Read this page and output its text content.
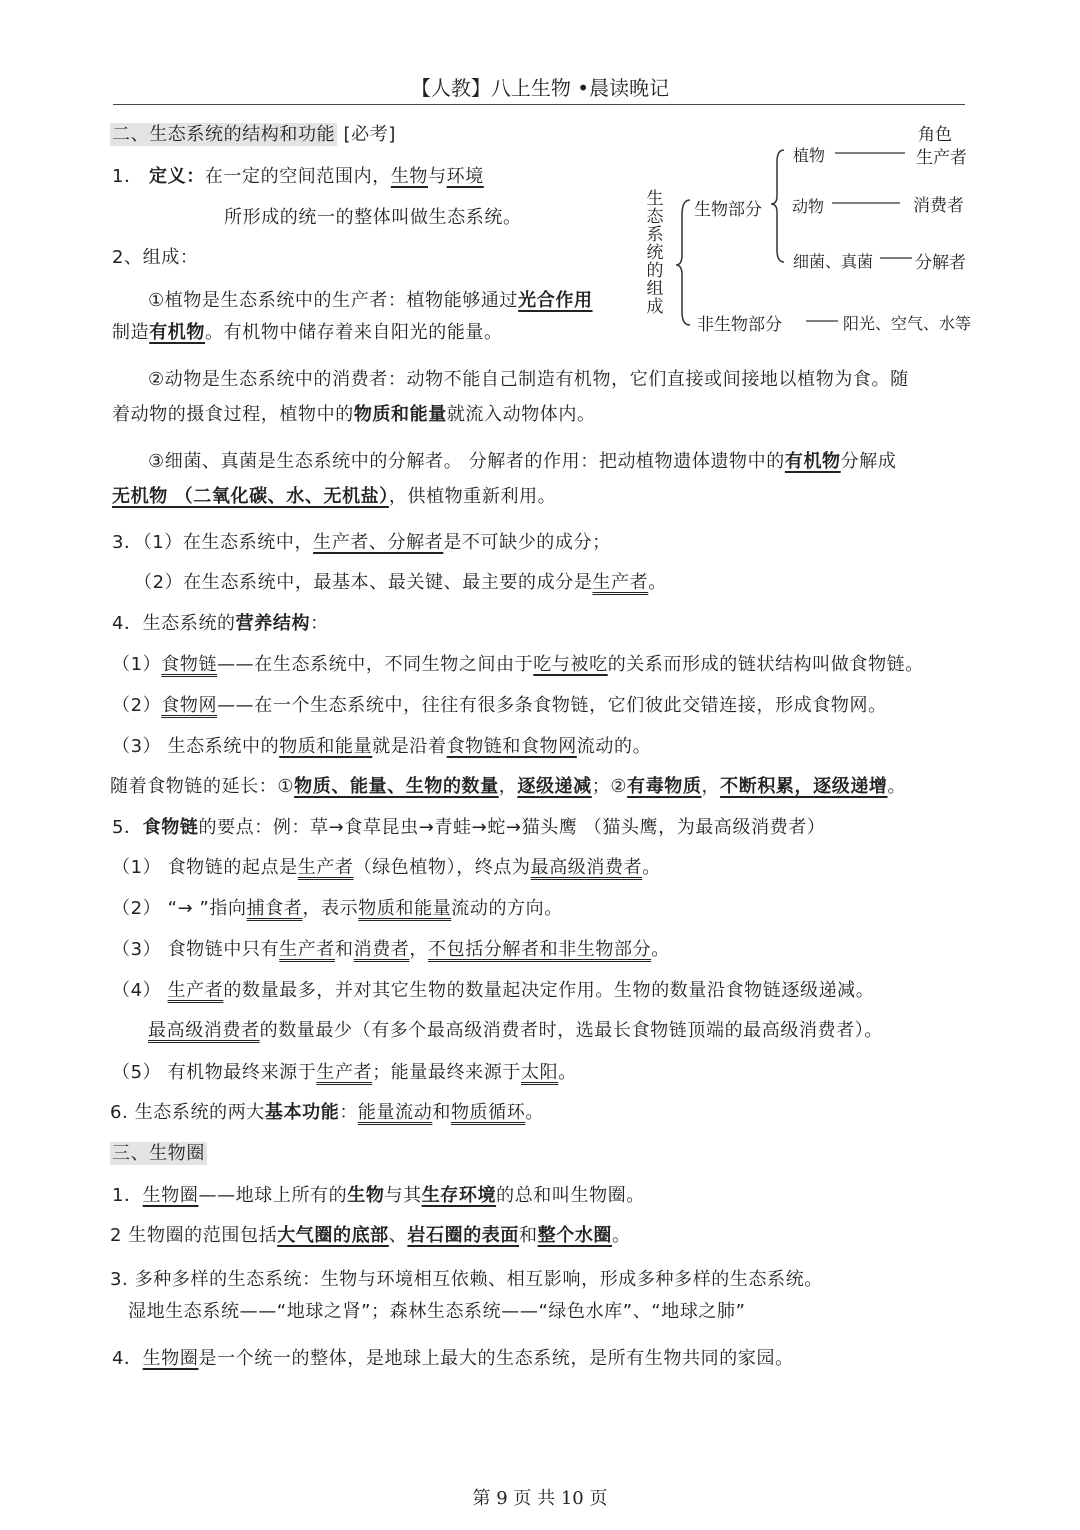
【人教】八上生物 •晨读晚记
二、生态系统的结构和功能 [必考]
1． 定义：在一定的空间范围内，生物与环境
所形成的统一的整体叫做生态系统。
2、组成：
①植物是生态系统中的生产者：植物能够通过光合作用
制造有机物。有机物中储存着来自阳光的能量。
②动物是生态系统中的消费者：动物不能自己制造有机物，它们直接或间接地以植物为食。随
着动物的摄食过程，植物中的物质和能量就流入动物体内。
③细菌、真菌是生态系统中的分解者。 分解者的作用：把动植物遗体遗物中的有机物分解成
无机物 （二氧化碳、水、无机盐），供植物重新利用。
3．（1）在生态系统中，生产者、分解者是不可缺少的成分；
（2）在生态系统中，最基本、最关键、最主要的成分是生产者。
4．生态系统的营养结构：
（1）食物链——在生态系统中，不同生物之间由于吃与被吃的关系而形成的链状结构叫做食物链。
（2）食物网——在一个生态系统中，往往有很多条食物链，它们彼此交错连接，形成食物网。
（3） 生态系统中的物质和能量就是沿着食物链和食物网流动的。
随着食物链的延长：①物质、能量、生物的数量，逐级递减；②有毒物质，不断积累，逐级递增。
5．食物链的要点：例：草→食草昆虫→青蛙→蛇→猫头鹰 （猫头鹰，为最高级消费者）
（1） 食物链的起点是生产者（绿色植物），终点为最高级消费者。
（2） “→ ”指向捕食者，表示物质和能量流动的方向。
（3） 食物链中只有生产者和消费者，不包括分解者和非生物部分。
（4） 生产者的数量最多，并对其它生物的数量起决定作用。生物的数量沿食物链逐级递减。
最高级消费者的数量最少（有多个最高级消费者时，选最长食物链顶端的最高级消费者）。
（5） 有机物最终来源于生产者；能量最终来源于太阳。
6. 生态系统的两大基本功能：能量流动和物质循环。
三、生物圈
1．生物圈——地球上所有的生物与其生存环境的总和叫生物圈。
2 生物圈的范围包括大气圈的底部、岩石圈的表面和整个水圈。
3. 多种多样的生态系统：生物与环境相互依赖、相互影响，形成多种多样的生态系统。
湿地生态系统——“地球之肾”；森林生态系统——“绿色水库”、“地球之肺”
4．生物圈是一个统一的整体，是地球上最大的生态系统，是所有生物共同的家园。
生态系统的组成
角色
植物	生产者
生物部分 动物	消费者
细菌、真菌 分解者
非生物部分	阳光、空气、水等
第 9 页 共 10 页
